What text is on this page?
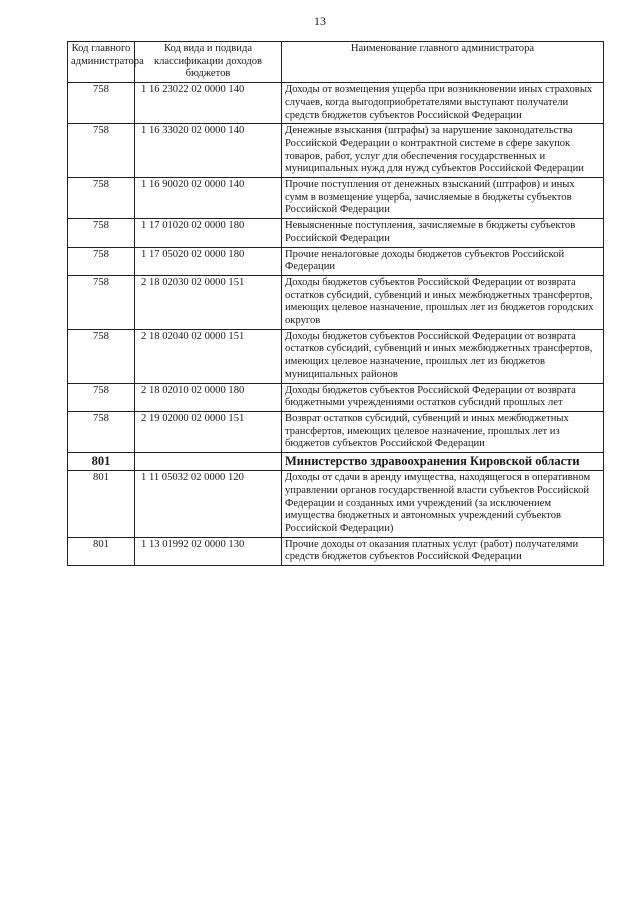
13
Код главного администратора	Код вида и подвида классификации доходов бюджетов	Наименование главного администратора
758	1 16 23022 02 0000 140	Доходы от возмещения ущерба при возникновении иных страховых случаев, когда выгодоприобретателями выступают получатели средств бюджетов субъектов Российской Федерации
758	1 16 33020 02 0000 140	Денежные взыскания (штрафы) за нарушение законодательства Российской Федерации о контрактной системе в сфере закупок товаров, работ, услуг для обеспечения государственных и муниципальных нужд для нужд субъектов Российской Федерации
758	1 16 90020 02 0000 140	Прочие поступления от денежных взысканий (штрафов) и иных сумм в возмещение ущерба, зачисляемые в бюджеты субъектов Российской Федерации
758	1 17 01020 02 0000 180	Невыясненные поступления, зачисляемые в бюджеты субъектов Российской Федерации
758	1 17 05020 02 0000 180	Прочие неналоговые доходы бюджетов субъектов Российской Федерации
758	2 18 02030 02 0000 151	Доходы бюджетов субъектов Российской Федерации от возврата остатков субсидий, субвенций и иных межбюджетных трансфертов, имеющих целевое назначение, прошлых лет из бюджетов городских округов
758	2 18 02040 02 0000 151	Доходы бюджетов субъектов Российской Федерации от возврата остатков субсидий, субвенций и иных межбюджетных трансфертов, имеющих целевое назначение, прошлых лет из бюджетов муниципальных районов
758	2 18 02010 02 0000 180	Доходы бюджетов субъектов Российской Федерации от возврата бюджетными учреждениями остатков субсидий прошлых лет
758	2 19 02000 02 0000 151	Возврат остатков субсидий, субвенций и иных межбюджетных трансфертов, имеющих целевое назначение, прошлых лет из бюджетов субъектов Российской Федерации
801		Министерство здравоохранения Кировской области
801	1 11 05032 02 0000 120	Доходы от сдачи в аренду имущества, находящегося в оперативном управлении органов государственной власти субъектов Российской Федерации и созданных ими учреждений (за исключением имущества бюджетных и автономных учреждений субъектов Российской Федерации)
801	1 13 01992 02 0000 130	Прочие доходы от оказания платных услуг (работ) получателями средств бюджетов субъектов Российской Федерации
